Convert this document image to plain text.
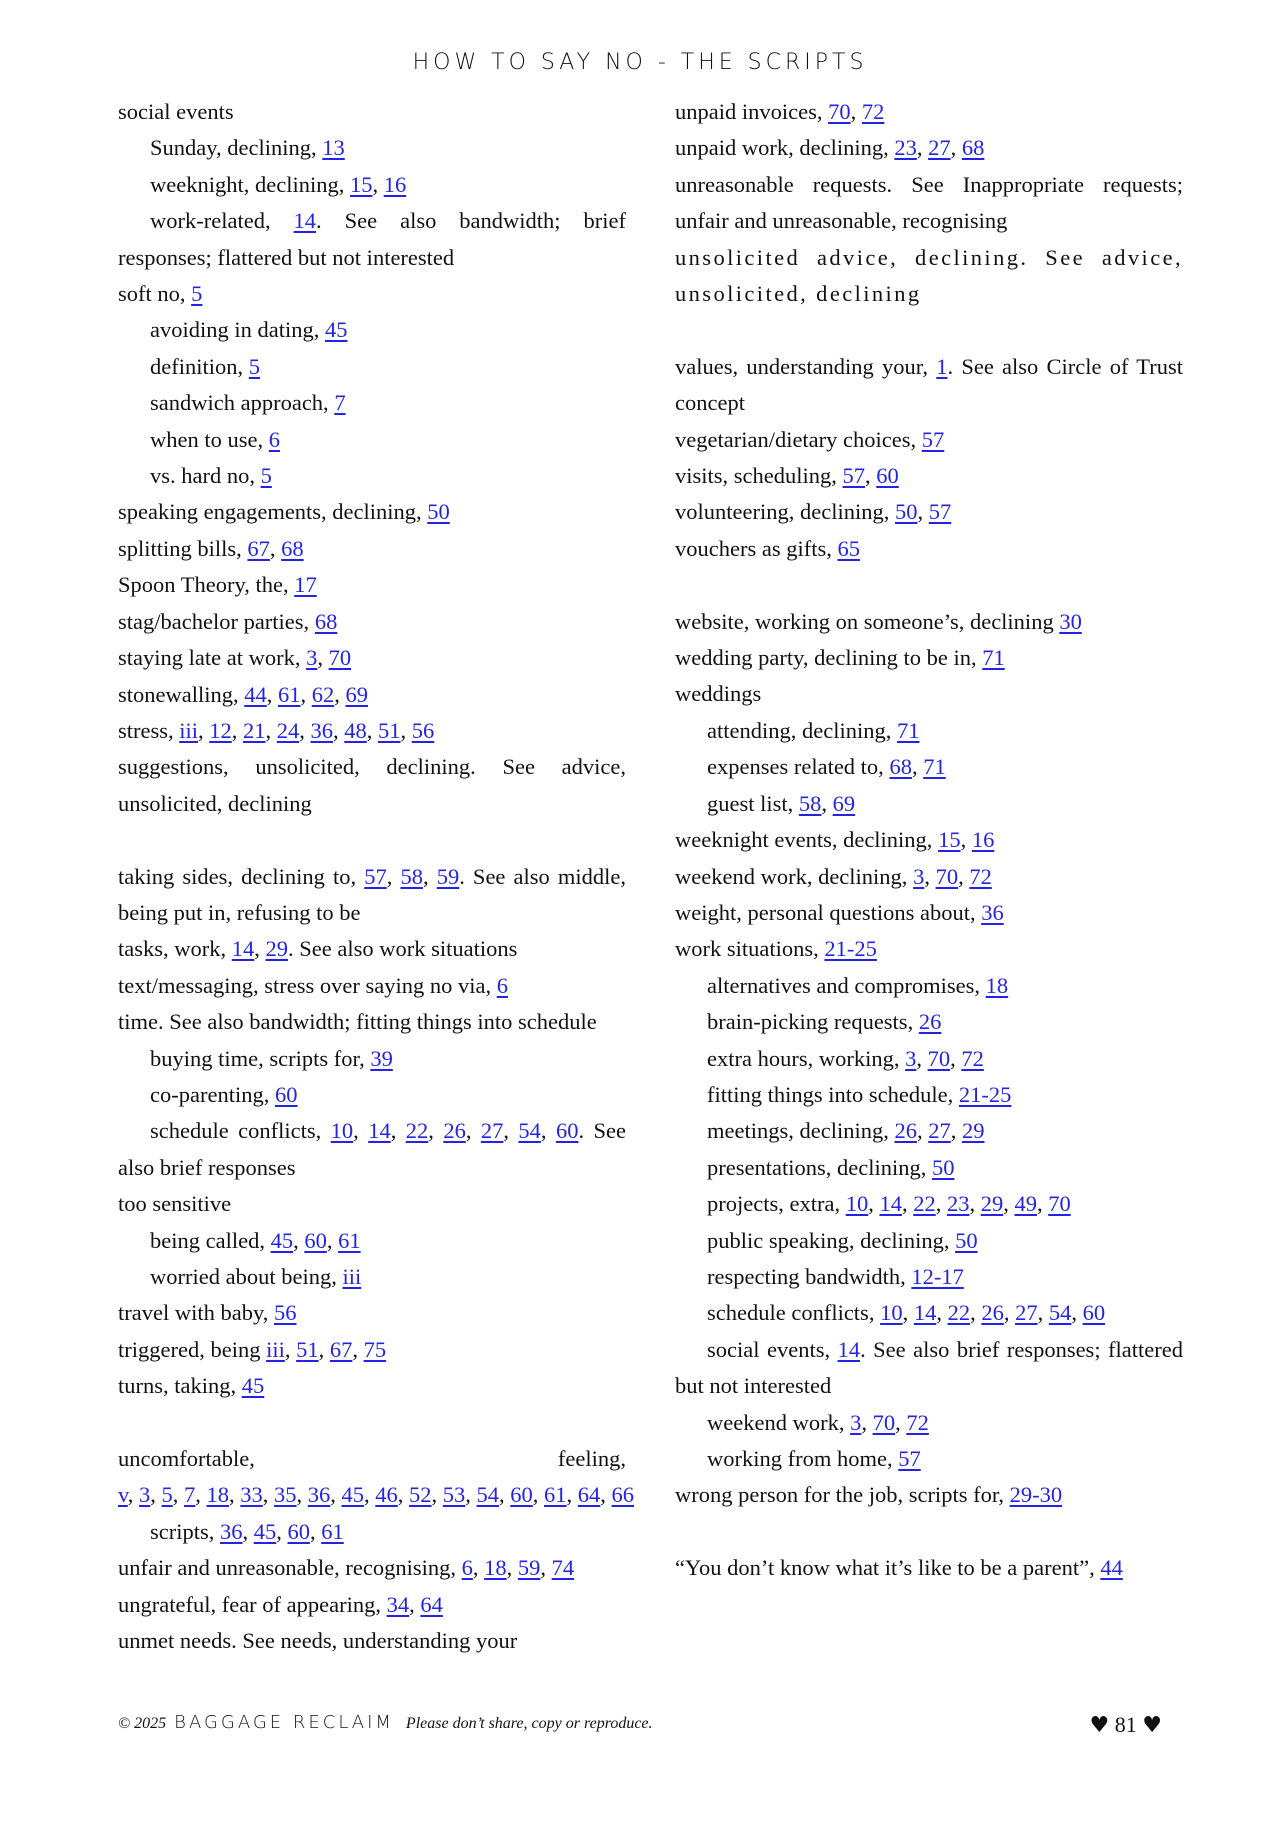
HOW TO SAY NO - THE SCRIPTS
social events
Sunday, declining, 13
weeknight, declining, 15, 16
work-related, 14. See also bandwidth; brief responses; flattered but not interested
soft no, 5
avoiding in dating, 45
definition, 5
sandwich approach, 7
when to use, 6
vs. hard no, 5
speaking engagements, declining, 50
splitting bills, 67, 68
Spoon Theory, the, 17
stag/bachelor parties, 68
staying late at work, 3, 70
stonewalling, 44, 61, 62, 69
stress, iii, 12, 21, 24, 36, 48, 51, 56
suggestions, unsolicited, declining. See advice, unsolicited, declining
taking sides, declining to, 57, 58, 59. See also middle, being put in, refusing to be
tasks, work, 14, 29. See also work situations
text/messaging, stress over saying no via, 6
time. See also bandwidth; fitting things into schedule
buying time, scripts for, 39
co-parenting, 60
schedule conflicts, 10, 14, 22, 26, 27, 54, 60. See also brief responses
too sensitive
being called, 45, 60, 61
worried about being, iii
travel with baby, 56
triggered, being iii, 51, 67, 75
turns, taking, 45
uncomfortable, feeling, v, 3, 5, 7, 18, 33, 35, 36, 45, 46, 52, 53, 54, 60, 61, 64, 66
scripts, 36, 45, 60, 61
unfair and unreasonable, recognising, 6, 18, 59, 74
ungrateful, fear of appearing, 34, 64
unmet needs. See needs, understanding your
unpaid invoices, 70, 72
unpaid work, declining, 23, 27, 68
unreasonable requests. See Inappropriate requests; unfair and unreasonable, recognising
unsolicited advice, declining. See advice, unsolicited, declining
values, understanding your, 1. See also Circle of Trust concept
vegetarian/dietary choices, 57
visits, scheduling, 57, 60
volunteering, declining, 50, 57
vouchers as gifts, 65
website, working on someone’s, declining 30
wedding party, declining to be in, 71
weddings
attending, declining, 71
expenses related to, 68, 71
guest list, 58, 69
weeknight events, declining, 15, 16
weekend work, declining, 3, 70, 72
weight, personal questions about, 36
work situations, 21-25
alternatives and compromises, 18
brain-picking requests, 26
extra hours, working, 3, 70, 72
fitting things into schedule, 21-25
meetings, declining, 26, 27, 29
presentations, declining, 50
projects, extra, 10, 14, 22, 23, 29, 49, 70
public speaking, declining, 50
respecting bandwidth, 12-17
schedule conflicts, 10, 14, 22, 26, 27, 54, 60
social events, 14. See also brief responses; flattered but not interested
weekend work, 3, 70, 72
working from home, 57
wrong person for the job, scripts for, 29-30
“You don’t know what it’s like to be a parent”, 44
© 2025 BAGGAGE RECLAIM Please don’t share, copy or reproduce.	♥ 81 ♥
